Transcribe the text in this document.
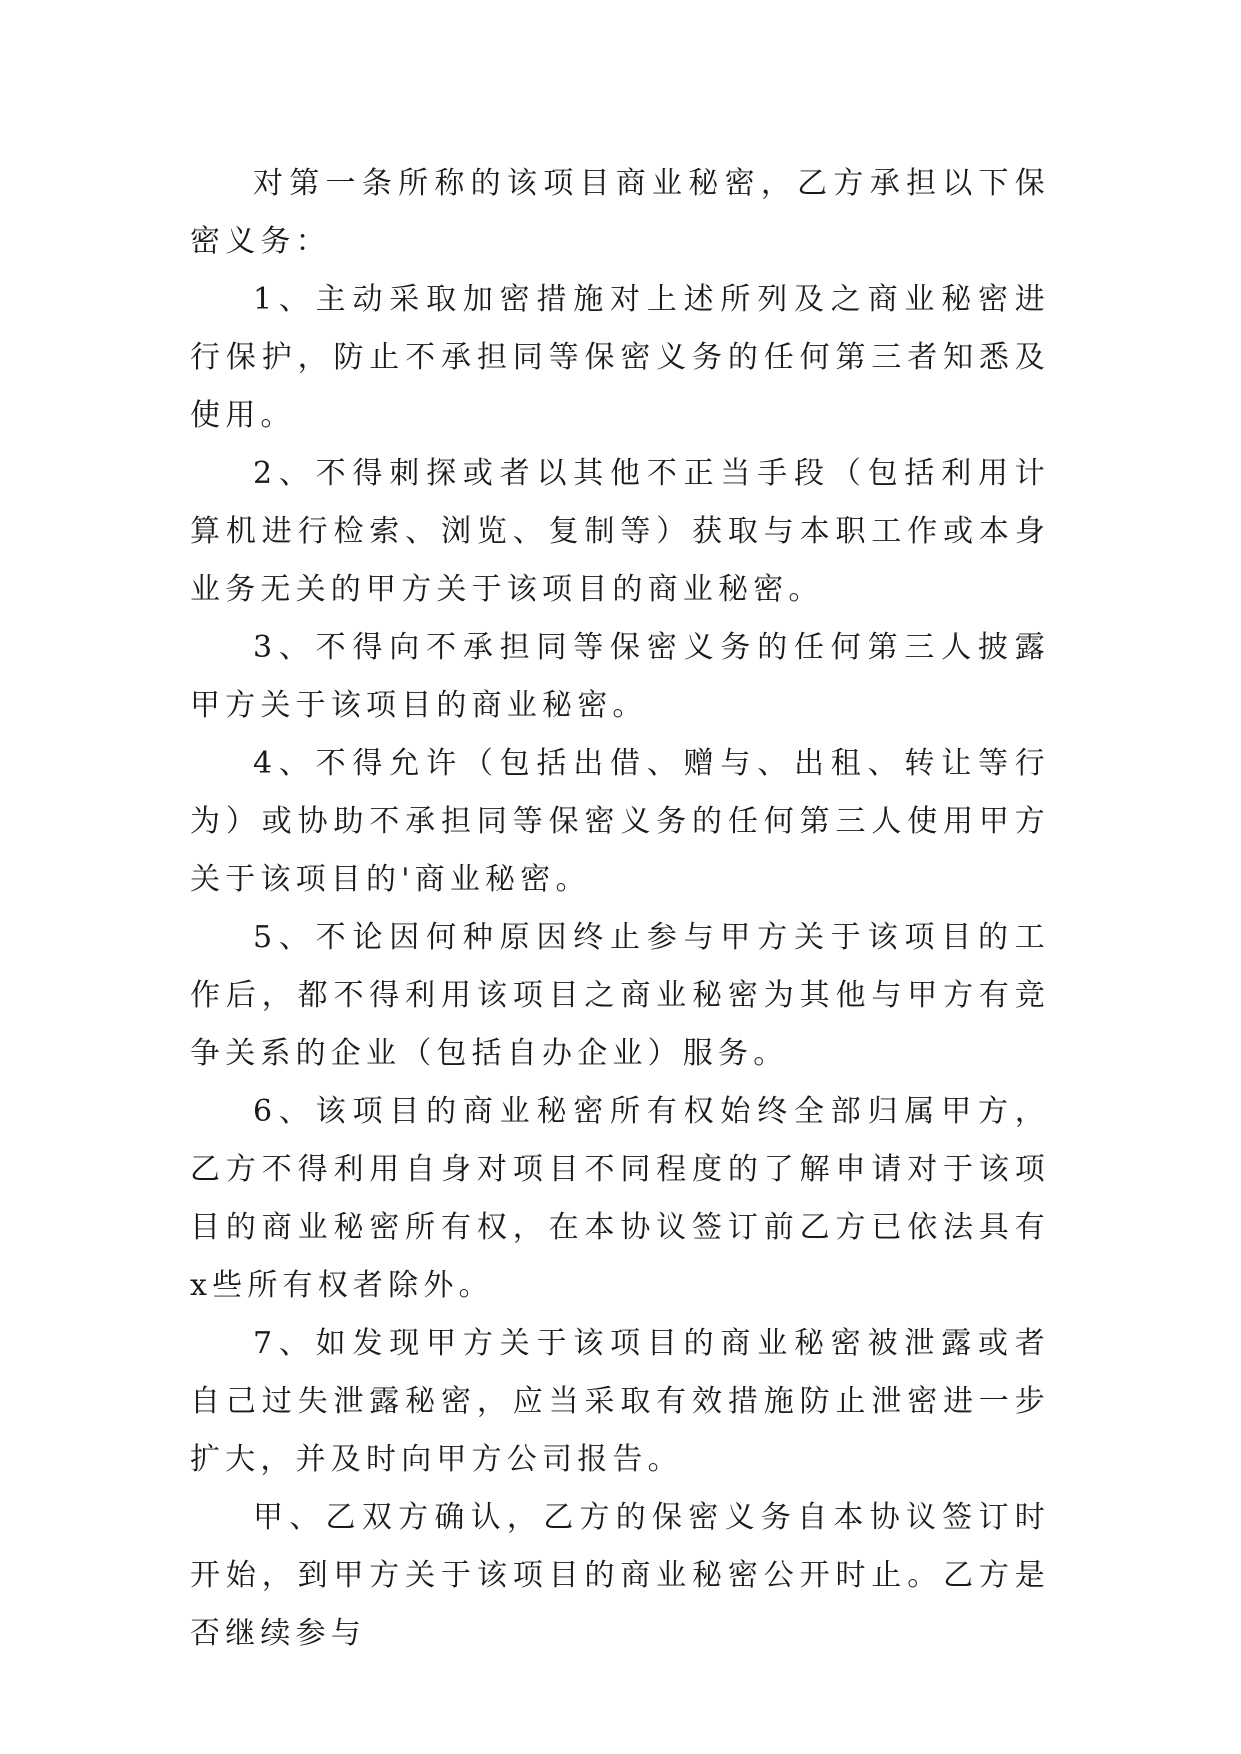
对第一条所称的该项目商业秘密，乙方承担以下保密义务：

1、主动采取加密措施对上述所列及之商业秘密进行保护，防止不承担同等保密义务的任何第三者知悉及使用。

2、不得刺探或者以其他不正当手段（包括利用计算机进行检索、浏览、复制等）获取与本职工作或本身业务无关的甲方关于该项目的商业秘密。

3、不得向不承担同等保密义务的任何第三人披露甲方关于该项目的商业秘密。

4、不得允许（包括出借、赠与、出租、转让等行为）或协助不承担同等保密义务的任何第三人使用甲方关于该项目的'商业秘密。

5、不论因何种原因终止参与甲方关于该项目的工作后，都不得利用该项目之商业秘密为其他与甲方有竞争关系的企业（包括自办企业）服务。

6、该项目的商业秘密所有权始终全部归属甲方，乙方不得利用自身对项目不同程度的了解申请对于该项目的商业秘密所有权，在本协议签订前乙方已依法具有x些所有权者除外。

7、如发现甲方关于该项目的商业秘密被泄露或者自己过失泄露秘密，应当采取有效措施防止泄密进一步扩大，并及时向甲方公司报告。

甲、乙双方确认，乙方的保密义务自本协议签订时开始，到甲方关于该项目的商业秘密公开时止。乙方是否继续参与
